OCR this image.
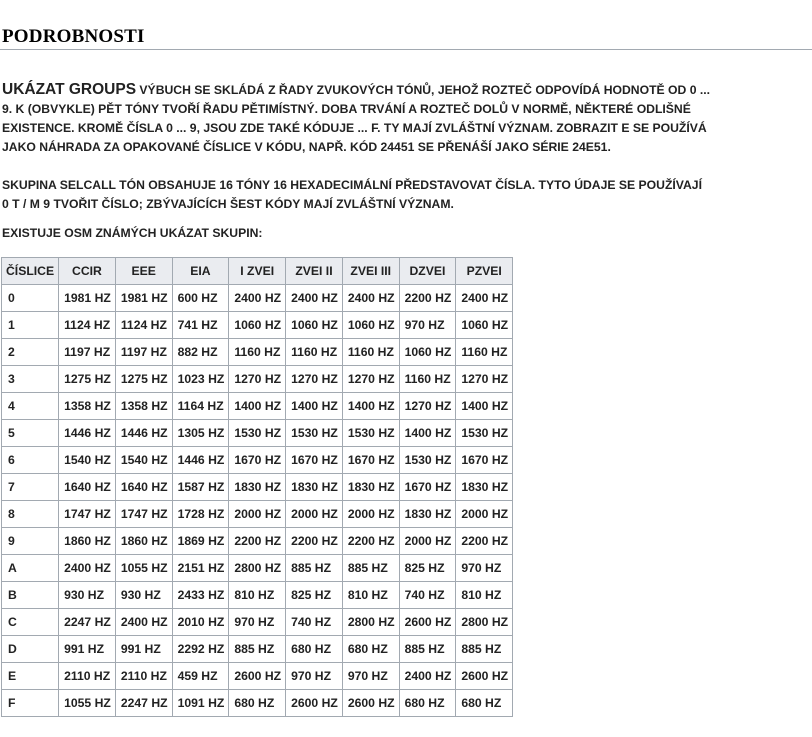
PODROBNOSTI
UKÁZAT GROUPS VÝBUCH SE SKLÁDÁ Z ŘADY ZVUKOVÝCH TÓNŮ, JEHOŽ ROZTEČ ODPOVÍDÁ HODNOTĚ OD 0 ...
9. K (OBVYKLE) PĚT TÓNY TVOŘÍ ŘADU PĚTIMÍSTNÝ. DOBA TRVÁNÍ A ROZTEČ DOLŮ V NORMĚ, NĚKTERÉ ODLIŠNÉ
EXISTENCE. KROMĚ ČÍSLA 0 ... 9, JSOU ZDE TAKÉ KÓDUJE ... F. TY MAJÍ ZVLÁŠTNÍ VÝZNAM. ZOBRAZIT E SE POUŽÍVÁ
JAKO NÁHRADA ZA OPAKOVANÉ ČÍSLICE V KÓDU, NAPŘ. KÓD 24451 SE PŘENÁŠÍ JAKO SÉRIE 24E51.
SKUPINA SELCALL TÓN OBSAHUJE 16 TÓNY 16 HEXADECIMÁLNÍ PŘEDSTAVOVAT ČÍSLA. TYTO ÚDAJE SE POUŽÍVAJÍ
0 T / M 9 TVOŘIT ČÍSLO; ZBÝVAJÍCÍCH ŠEST KÓDY MAJÍ ZVLÁŠTNÍ VÝZNAM.
EXISTUJE OSM ZNÁMÝCH UKÁZAT SKUPIN:
ČÍSLICE	CCIR	EEE	EIA	I ZVEI	ZVEI II	ZVEI III	DZVEI	PZVEI
0	1981 HZ	1981 HZ	600 HZ	2400 HZ	2400 HZ	2400 HZ	2200 HZ	2400 HZ
1	1124 HZ	1124 HZ	741 HZ	1060 HZ	1060 HZ	1060 HZ	970 HZ	1060 HZ
2	1197 HZ	1197 HZ	882 HZ	1160 HZ	1160 HZ	1160 HZ	1060 HZ	1160 HZ
3	1275 HZ	1275 HZ	1023 HZ	1270 HZ	1270 HZ	1270 HZ	1160 HZ	1270 HZ
4	1358 HZ	1358 HZ	1164 HZ	1400 HZ	1400 HZ	1400 HZ	1270 HZ	1400 HZ
5	1446 HZ	1446 HZ	1305 HZ	1530 HZ	1530 HZ	1530 HZ	1400 HZ	1530 HZ
6	1540 HZ	1540 HZ	1446 HZ	1670 HZ	1670 HZ	1670 HZ	1530 HZ	1670 HZ
7	1640 HZ	1640 HZ	1587 HZ	1830 HZ	1830 HZ	1830 HZ	1670 HZ	1830 HZ
8	1747 HZ	1747 HZ	1728 HZ	2000 HZ	2000 HZ	2000 HZ	1830 HZ	2000 HZ
9	1860 HZ	1860 HZ	1869 HZ	2200 HZ	2200 HZ	2200 HZ	2000 HZ	2200 HZ
A	2400 HZ	1055 HZ	2151 HZ	2800 HZ	885 HZ	885 HZ	825 HZ	970 HZ
B	930 HZ	930 HZ	2433 HZ	810 HZ	825 HZ	810 HZ	740 HZ	810 HZ
C	2247 HZ	2400 HZ	2010 HZ	970 HZ	740 HZ	2800 HZ	2600 HZ	2800 HZ
D	991 HZ	991 HZ	2292 HZ	885 HZ	680 HZ	680 HZ	885 HZ	885 HZ
E	2110 HZ	2110 HZ	459 HZ	2600 HZ	970 HZ	970 HZ	2400 HZ	2600 HZ
F	1055 HZ	2247 HZ	1091 HZ	680 HZ	2600 HZ	2600 HZ	680 HZ	680 HZ
